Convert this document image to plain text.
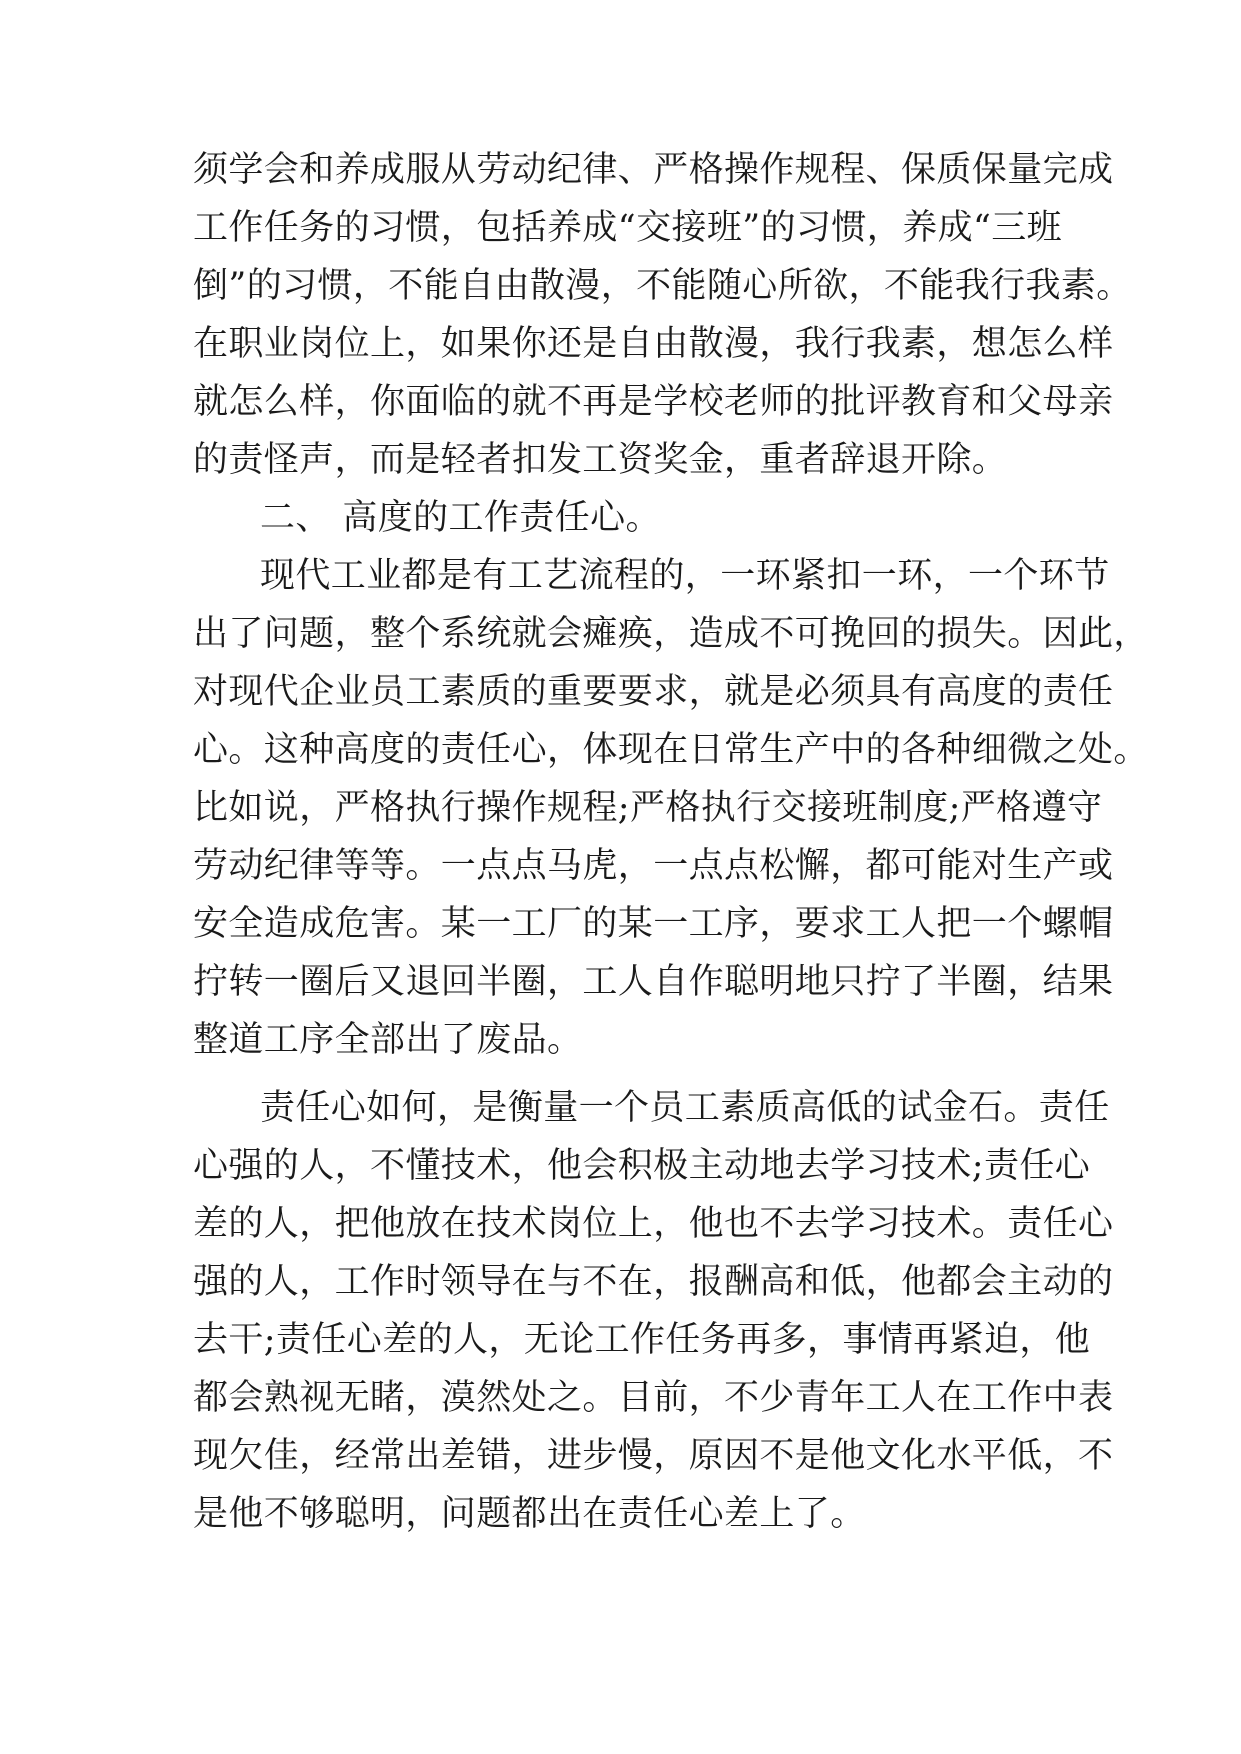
须学会和养成服从劳动纪律、严格操作规程、保质保量完成
工作任务的习惯，包括养成“交接班”的习惯，养成“三班
倒”的习惯，不能自由散漫，不能随心所欲，不能我行我素。
在职业岗位上，如果你还是自由散漫，我行我素，想怎么样
就怎么样，你面临的就不再是学校老师的批评教育和父母亲
的责怪声，而是轻者扣发工资奖金，重者辞退开除。
二、 高度的工作责任心。
现代工业都是有工艺流程的，一环紧扣一环，一个环节
出了问题，整个系统就会瘫痪，造成不可挽回的损失。因此，
对现代企业员工素质的重要要求，就是必须具有高度的责任
心。这种高度的责任心，体现在日常生产中的各种细微之处。
比如说，严格执行操作规程;严格执行交接班制度;严格遵守
劳动纪律等等。一点点马虎，一点点松懈，都可能对生产或
安全造成危害。某一工厂的某一工序，要求工人把一个螺帽
拧转一圈后又退回半圈，工人自作聪明地只拧了半圈，结果
整道工序全部出了废品。
责任心如何，是衡量一个员工素质高低的试金石。责任
心强的人，不懂技术，他会积极主动地去学习技术;责任心
差的人，把他放在技术岗位上，他也不去学习技术。责任心
强的人，工作时领导在与不在，报酬高和低，他都会主动的
去干;责任心差的人，无论工作任务再多，事情再紧迫，他
都会熟视无睹，漠然处之。目前，不少青年工人在工作中表
现欠佳，经常出差错，进步慢，原因不是他文化水平低，不
是他不够聪明，问题都出在责任心差上了。
